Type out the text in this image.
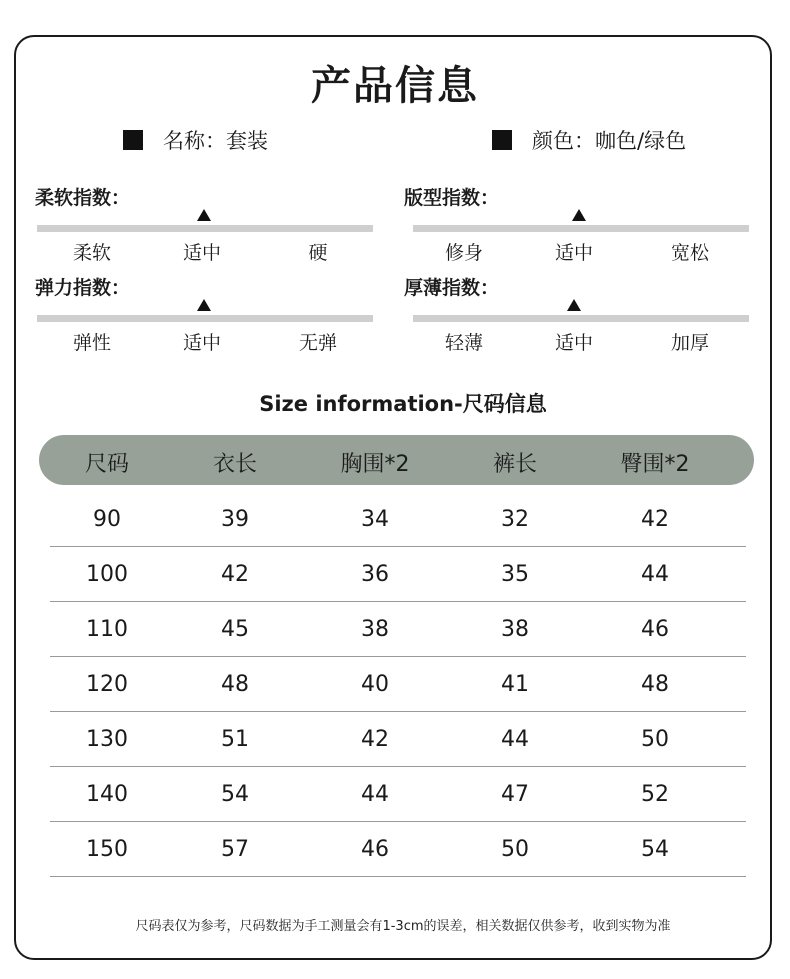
产品信息
名称：套装	颜色：咖色/绿色
柔软指数：
柔软	适中	硬
版型指数：
修身	适中	宽松
弹力指数：
弹性	适中	无弹
厚薄指数：
轻薄	适中	加厚
Size information-尺码信息
尺码	衣长	胸围*2	裤长	臀围*2
90	39	34	32	42
100	42	36	35	44
110	45	38	38	46
120	48	40	41	48
130	51	42	44	50
140	54	44	47	52
150	57	46	50	54
尺码表仅为参考，尺码数据为手工测量会有1-3cm的误差，相关数据仅供参考，收到实物为准
